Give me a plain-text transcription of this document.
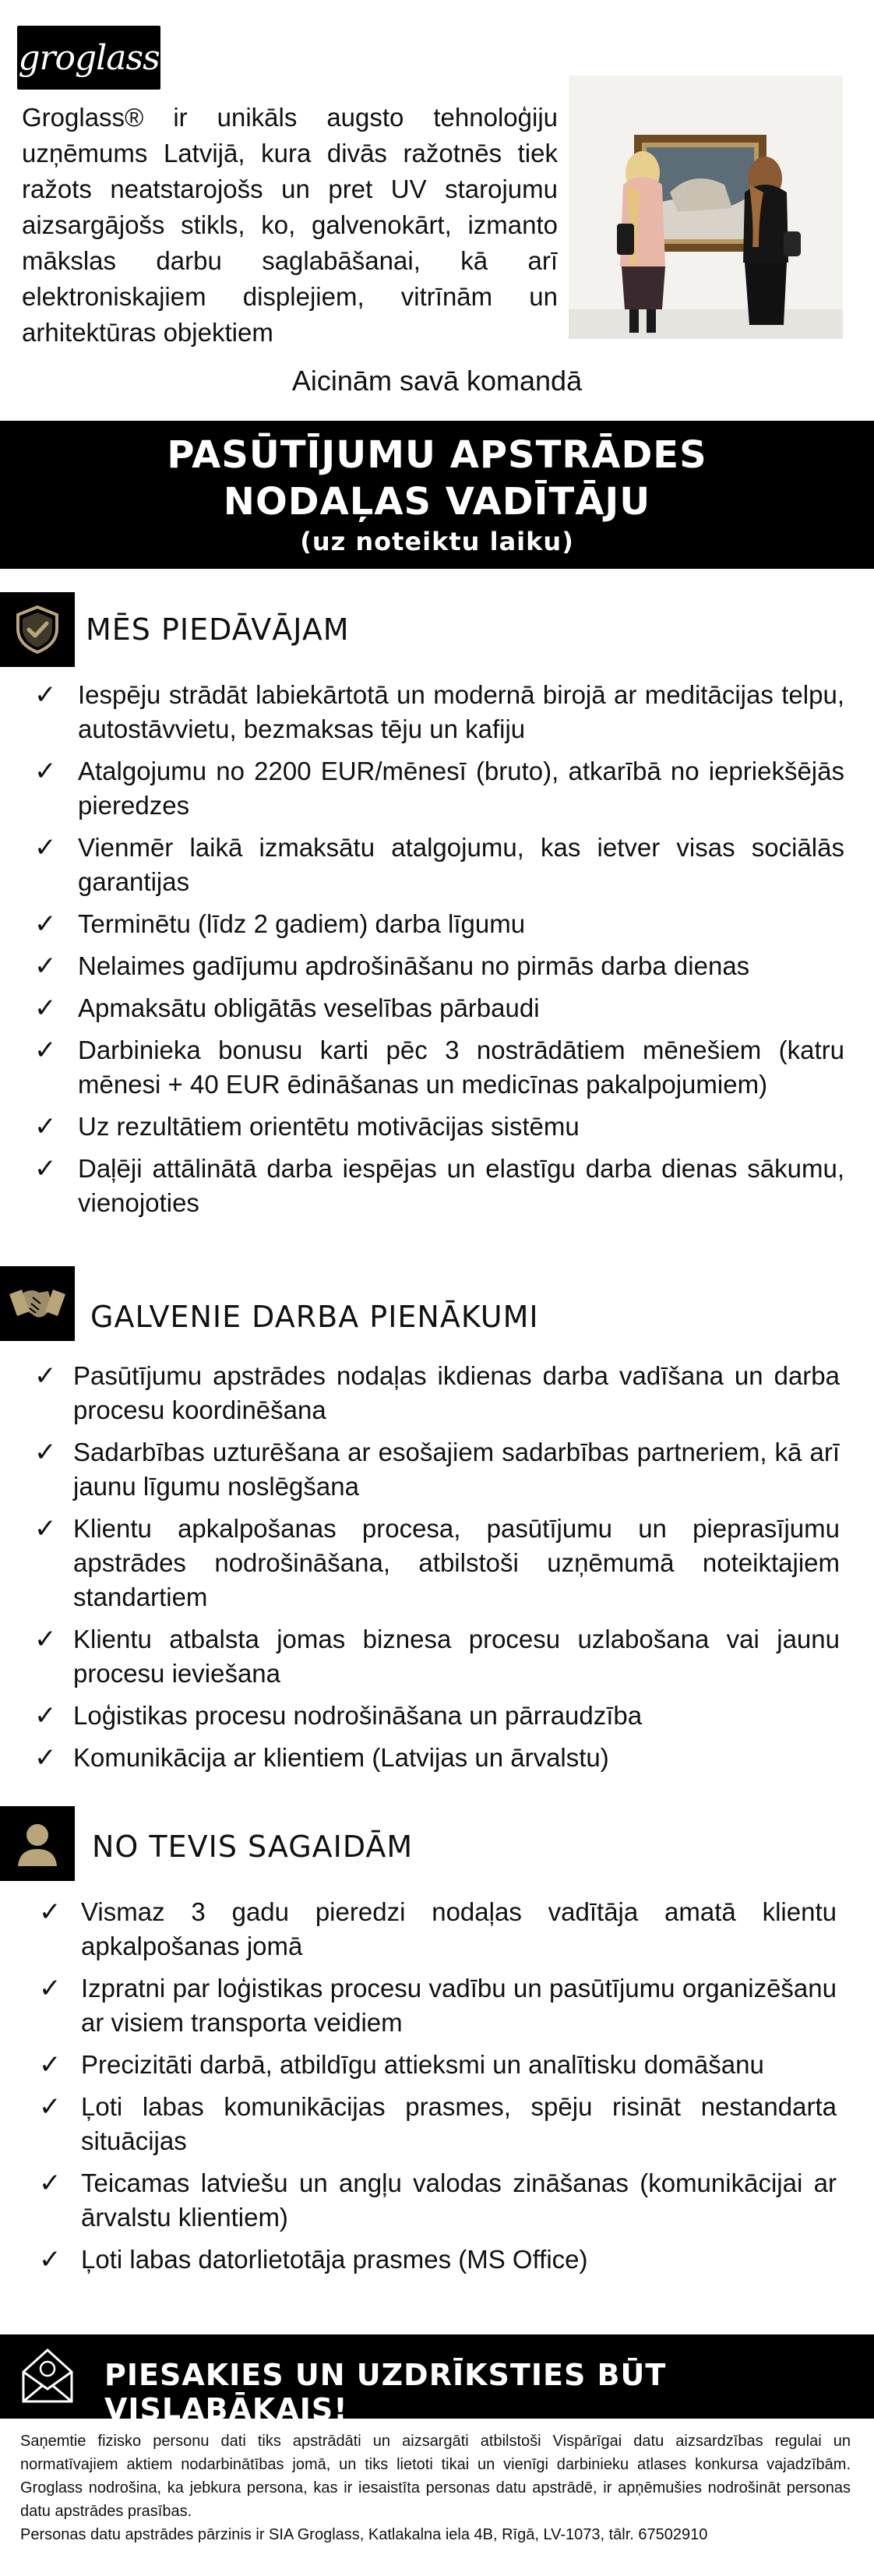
groglass

Groglass® ir unikāls augsto tehnoloģiju uzņēmums Latvijā, kura divās ražotnēs tiek ražots neatstarojošs un pret UV starojumu aizsargājošs stikls, ko, galvenokārt, izmanto mākslas darbu saglabāšanai, kā arī elektroniskajiem displejiem, vitrīnām un arhitektūras objektiem

Aicinām savā komandā
PASŪTĪJUMU APSTRĀDES
NODAĻAS VADĪTĀJU
(uz noteiktu laiku)
MĒS PIEDĀVĀJAM
✓ Iespēju strādāt labiekārtotā un modernā birojā ar meditācijas telpu, autostāvvietu, bezmaksas tēju un kafiju
✓ Atalgojumu no 2200 EUR/mēnesī (bruto), atkarībā no iepriekšējās pieredzes
✓ Vienmēr laikā izmaksātu atalgojumu, kas ietver visas sociālās garantijas
✓ Terminētu (līdz 2 gadiem) darba līgumu
✓ Nelaimes gadījumu apdrošināšanu no pirmās darba dienas
✓ Apmaksātu obligātās veselības pārbaudi
✓ Darbinieka bonusu karti pēc 3 nostrādātiem mēnešiem (katru mēnesi + 40 EUR ēdināšanas un medicīnas pakalpojumiem)
✓ Uz rezultātiem orientētu motivācijas sistēmu
✓ Daļēji attālinātā darba iespējas un elastīgu darba dienas sākumu, vienojoties
GALVENIE DARBA PIENĀKUMI
✓ Pasūtījumu apstrādes nodaļas ikdienas darba vadīšana un darba procesu koordinēšana
✓ Sadarbības uzturēšana ar esošajiem sadarbības partneriem, kā arī jaunu līgumu noslēgšana
✓ Klientu apkalpošanas procesa, pasūtījumu un pieprasījumu apstrādes nodrošināšana, atbilstoši uzņēmumā noteiktajiem standartiem
✓ Klientu atbalsta jomas biznesa procesu uzlabošana vai jaunu procesu ieviešana
✓ Loģistikas procesu nodrošināšana un pārraudzība
✓ Komunikācija ar klientiem (Latvijas un ārvalstu)
NO TEVIS SAGAIDĀM
✓ Vismaz 3 gadu pieredzi nodaļas vadītāja amatā klientu apkalpošanas jomā
✓ Izpratni par loģistikas procesu vadību un pasūtījumu organizēšanu ar visiem transporta veidiem
✓ Precizitāti darbā, atbildīgu attieksmi un analītisku domāšanu
✓ Ļoti labas komunikācijas prasmes, spēju risināt nestandarta situācijas
✓ Teicamas latviešu un angļu valodas zināšanas (komunikācijai ar ārvalstu klientiem)
✓ Ļoti labas datorlietotāja prasmes (MS Office)
PIESAKIES UN UZDRĪKSTIES BŪT VISLABĀKAIS!

Saņemtie fizisko personu dati tiks apstrādāti un aizsargāti atbilstoši Vispārīgai datu aizsardzības regulai un normatīvajiem aktiem nodarbinātības jomā, un tiks lietoti tikai un vienīgi darbinieku atlases konkursa vajadzībām. Groglass nodrošina, ka jebkura persona, kas ir iesaistīta personas datu apstrādē, ir apņēmušies nodrošināt personas datu apstrādes prasības.

Personas datu apstrādes pārzinis ir SIA Groglass, Katlakalna iela 4B, Rīgā, LV-1073, tālr. 67502910
